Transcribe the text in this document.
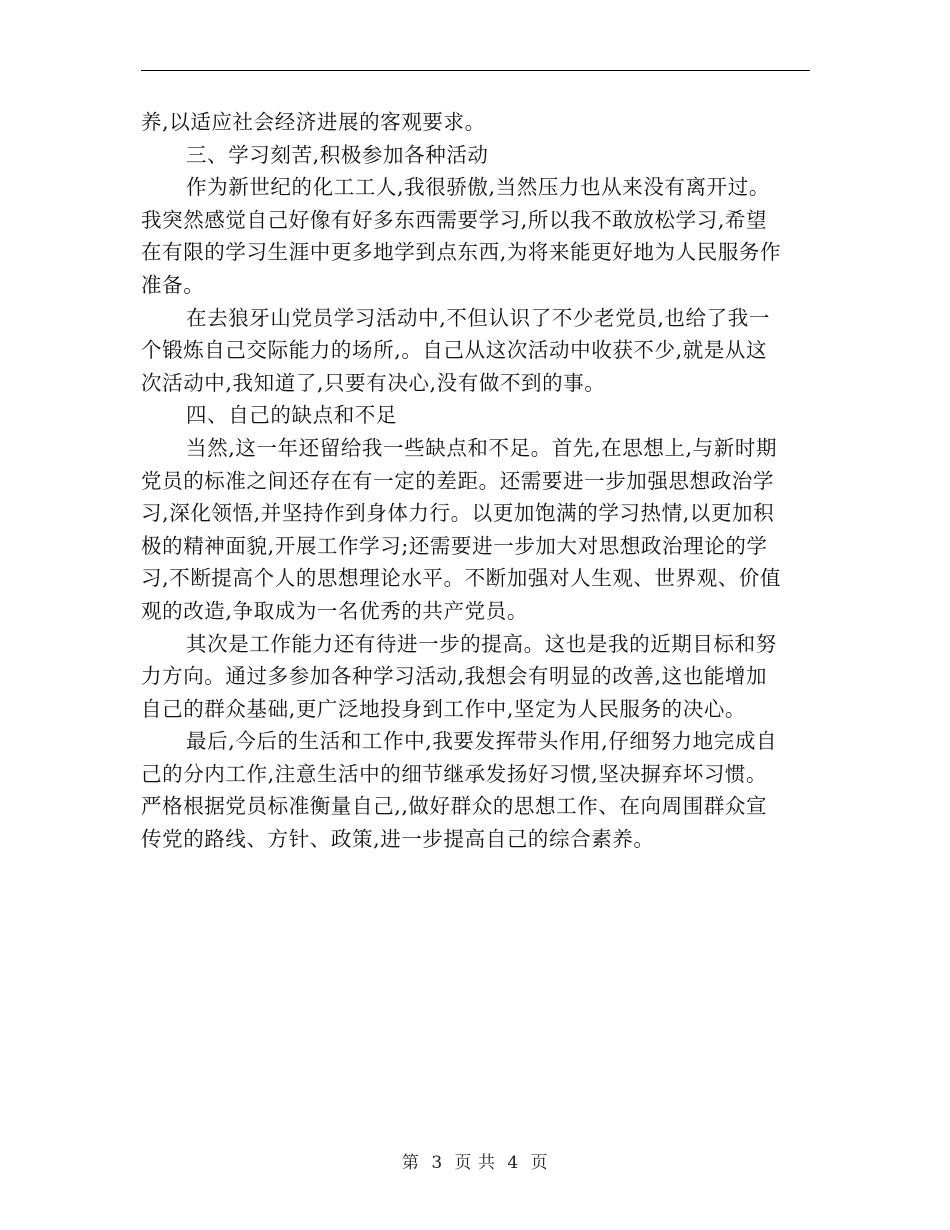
养,以适应社会经济进展的客观要求。
三、学习刻苦,积极参加各种活动
作为新世纪的化工工人,我很骄傲,当然压力也从来没有离开过。
我突然感觉自己好像有好多东西需要学习,所以我不敢放松学习,希望
在有限的学习生涯中更多地学到点东西,为将来能更好地为人民服务作
准备。
在去狼牙山党员学习活动中,不但认识了不少老党员,也给了我一
个锻炼自己交际能力的场所,。自己从这次活动中收获不少,就是从这
次活动中,我知道了,只要有决心,没有做不到的事。
四、自己的缺点和不足
当然,这一年还留给我一些缺点和不足。首先,在思想上,与新时期
党员的标准之间还存在有一定的差距。还需要进一步加强思想政治学
习,深化领悟,并坚持作到身体力行。以更加饱满的学习热情,以更加积
极的精神面貌,开展工作学习;还需要进一步加大对思想政治理论的学
习,不断提高个人的思想理论水平。不断加强对人生观、世界观、价值
观的改造,争取成为一名优秀的共产党员。
其次是工作能力还有待进一步的提高。这也是我的近期目标和努
力方向。通过多参加各种学习活动,我想会有明显的改善,这也能增加
自己的群众基础,更广泛地投身到工作中,坚定为人民服务的决心。
最后,今后的生活和工作中,我要发挥带头作用,仔细努力地完成自
己的分内工作,注意生活中的细节继承发扬好习惯,坚决摒弃坏习惯。
严格根据党员标准衡量自己,,做好群众的思想工作、在向周围群众宣
传党的路线、方针、政策,进一步提高自己的综合素养。
第 3 页 共 4 页
